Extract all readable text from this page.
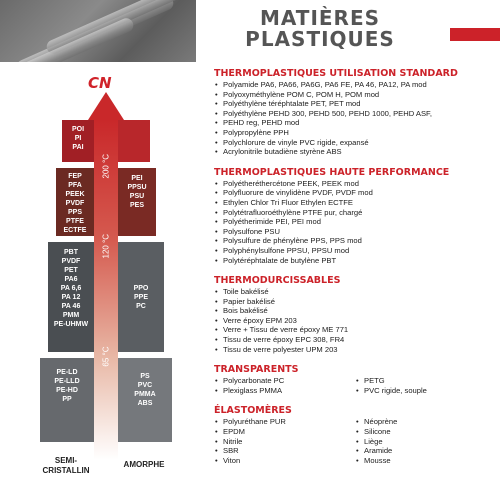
MATIÈRES
PLASTIQUES
CN
200 °C
120 °C
65 °C
POI
PI
PAI
FEP
PFA
PEEK
PVDF
PPS
PTFE
ECTFE
PEI
PPSU
PSU
PES
PBT
PVDF
PET
PA6
PA 6,6
PA 12
PA 46
PMM
PE-UHMW
PPO
PPE
PC
PE-LD
PE-LLD
PE-HD
PP
PS
PVC
PMMA
ABS
SEMI-
CRISTALLIN
AMORPHE
THERMOPLASTIQUES UTILISATION STANDARD
• Polyamide PA6, PA66, PA6G, PA6 FE, PA 46, PA12, PA mod
• Polyoxyméthylène POM C, POM H, POM mod
• Polyéthylène téréphtalate PET, PET mod
• Polyéthylène PEHD 300, PEHD 500, PEHD 1000, PEHD ASF,
• PEHD reg, PEHD mod
• Polypropylène PPH
• Polychlorure de vinyle PVC rigide, expansé
• Acrylonitrile butadiène styrène ABS
THERMOPLASTIQUES HAUTE PERFORMANCE
• Polyétheréthercétone PEEK, PEEK mod
• Polyfluorure de vinylidène PVDF, PVDF mod
• Ethylen Chlor Tri Fluor Ethylen ECTFE
• Polytétrafluoroéthylène PTFE pur, chargé
• Polyétherimide PEI, PEI mod
• Polysulfone PSU
• Polysulfure de phénylène PPS, PPS mod
• Polyphénylsulfone PPSU, PPSU mod
• Polytéréphtalate de butylène PBT
THERMODURCISSABLES
• Toile bakélisé
• Papier bakélisé
• Bois bakélisé
• Verre époxy EPM 203
• Verre + Tissu de verre époxy ME 771
• Tissu de verre époxy EPC 308, FR4
• Tissu de verre polyester UPM 203
TRANSPARENTS
• Polycarbonate PC
• Plexiglass PMMA
• PETG
• PVC rigide, souple
ÉLASTOMÈRES
• Polyuréthane PUR
• EPDM
• Nitrile
• SBR
• Viton
• Néoprène
• Silicone
• Liège
• Aramide
• Mousse
